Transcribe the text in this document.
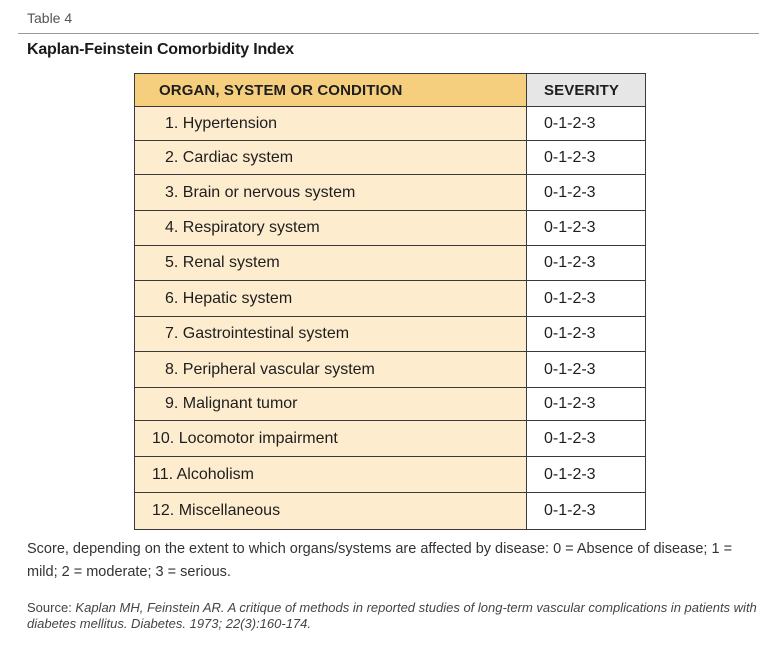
Table 4
Kaplan-Feinstein Comorbidity Index
ORGAN, SYSTEM OR CONDITION	SEVERITY
1. Hypertension	0-1-2-3
2. Cardiac system	0-1-2-3
3. Brain or nervous system	0-1-2-3
4. Respiratory system	0-1-2-3
5. Renal system	0-1-2-3
6. Hepatic system	0-1-2-3
7. Gastrointestinal system	0-1-2-3
8. Peripheral vascular system	0-1-2-3
9. Malignant tumor	0-1-2-3
10. Locomotor impairment	0-1-2-3
11. Alcoholism	0-1-2-3
12. Miscellaneous	0-1-2-3
Score, depending on the extent to which organs/systems are affected by disease: 0 = Absence of disease; 1 = mild; 2 = moderate; 3 = serious.
Source: Kaplan MH, Feinstein AR. A critique of methods in reported studies of long-term vascular complications in patients with diabetes mellitus. Diabetes. 1973; 22(3):160-174.
